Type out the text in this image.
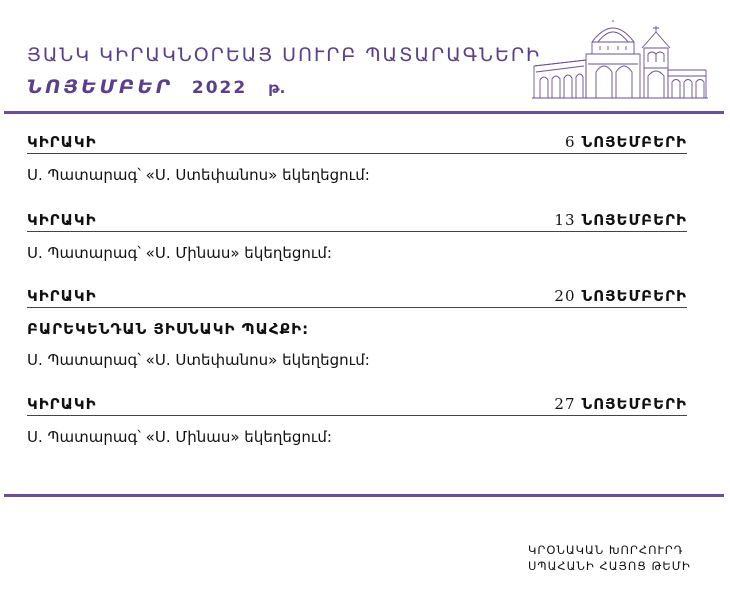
ՅԱՆԿ ԿԻՐԱԿՆՕՐԵԱՅ ՍՈՒՐԲ ՊԱՏԱՐԱԳՆԵՐԻ
ՆՈՅԵՄԲԵՐ 2022 թ.
ԿԻՐԱԿԻ	6 ՆՈՅԵՄԲԵՐԻ
Ս. Պատարագ՝ «Ս. Ստեփանոս» եկեղեցում:
ԿԻՐԱԿԻ	13 ՆՈՅԵՄԲԵՐԻ
Ս. Պատարագ՝ «Ս. Մինաս» եկեղեցում:
ԿԻՐԱԿԻ	20 ՆՈՅԵՄԲԵՐԻ
ԲԱՐԵԿԵՆԴԱՆ ՅԻՍՆԱԿԻ ՊԱՀՔԻ:
Ս. Պատարագ՝ «Ս. Ստեփանոս» եկեղեցում:
ԿԻՐԱԿԻ	27 ՆՈՅԵՄԲԵՐԻ
Ս. Պատարագ՝ «Ս. Մինաս» եկեղեցում:
ԿՐՕՆԱԿԱՆ ԽՈՐՀՈՒՐԴ
ՍՊԱՀԱՆԻ ՀԱՅՈՑ ԹԵՄԻ
